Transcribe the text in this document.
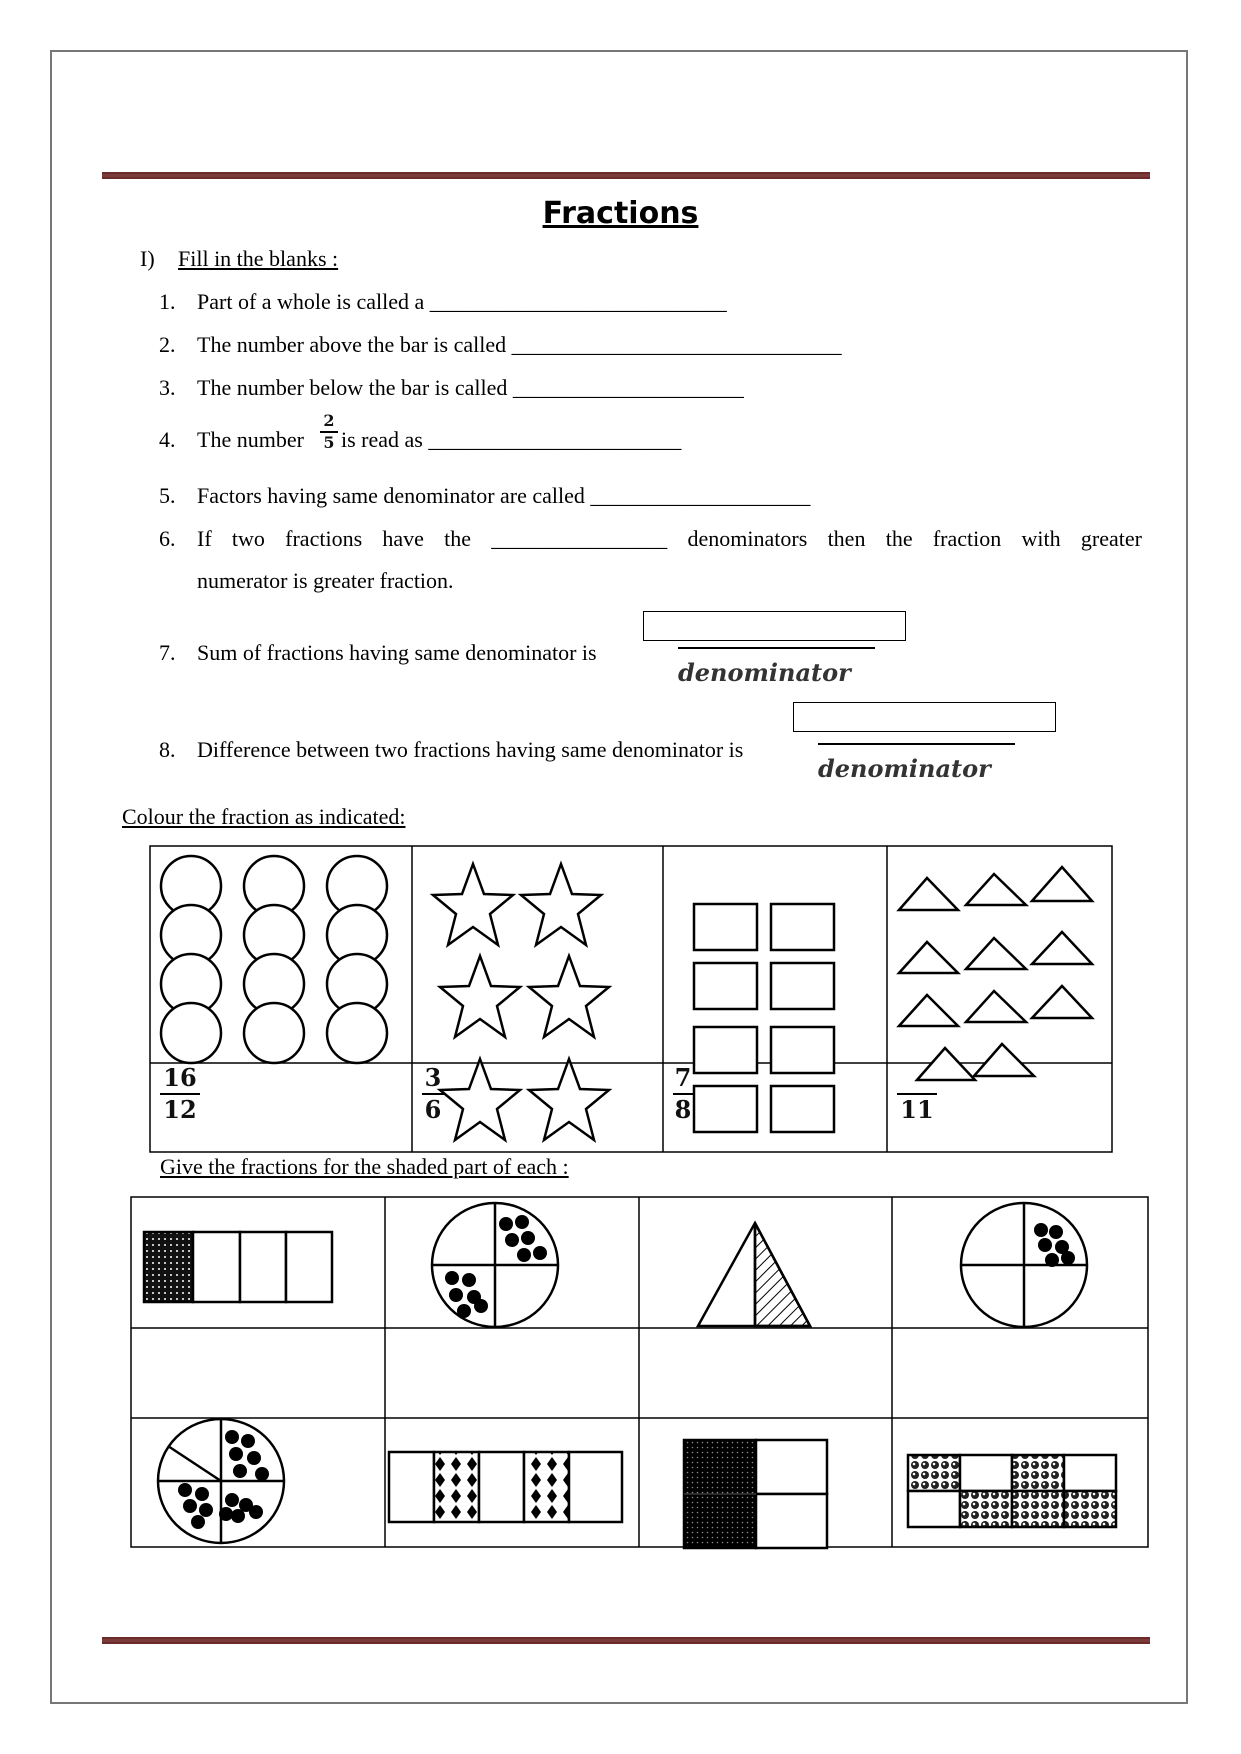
Fractions
I) Fill in the blanks :
1. Part of a whole is called a ___________________________
2. The number above the bar is called ______________________________
3. The number below the bar is called _____________________
4. The number
2
5 is read as _______________________
5. Factors having same denominator are called ____________________
6. If two fractions have the ________________ denominators then the fraction with greater
numerator is greater fraction.
7. Sum of fractions having same denominator is
denominator
8. Difference between two fractions having same denominator is
denominator
Colour the fraction as indicated:
16
12
3
6
7
8	11
Give the fractions for the shaded part of each :
